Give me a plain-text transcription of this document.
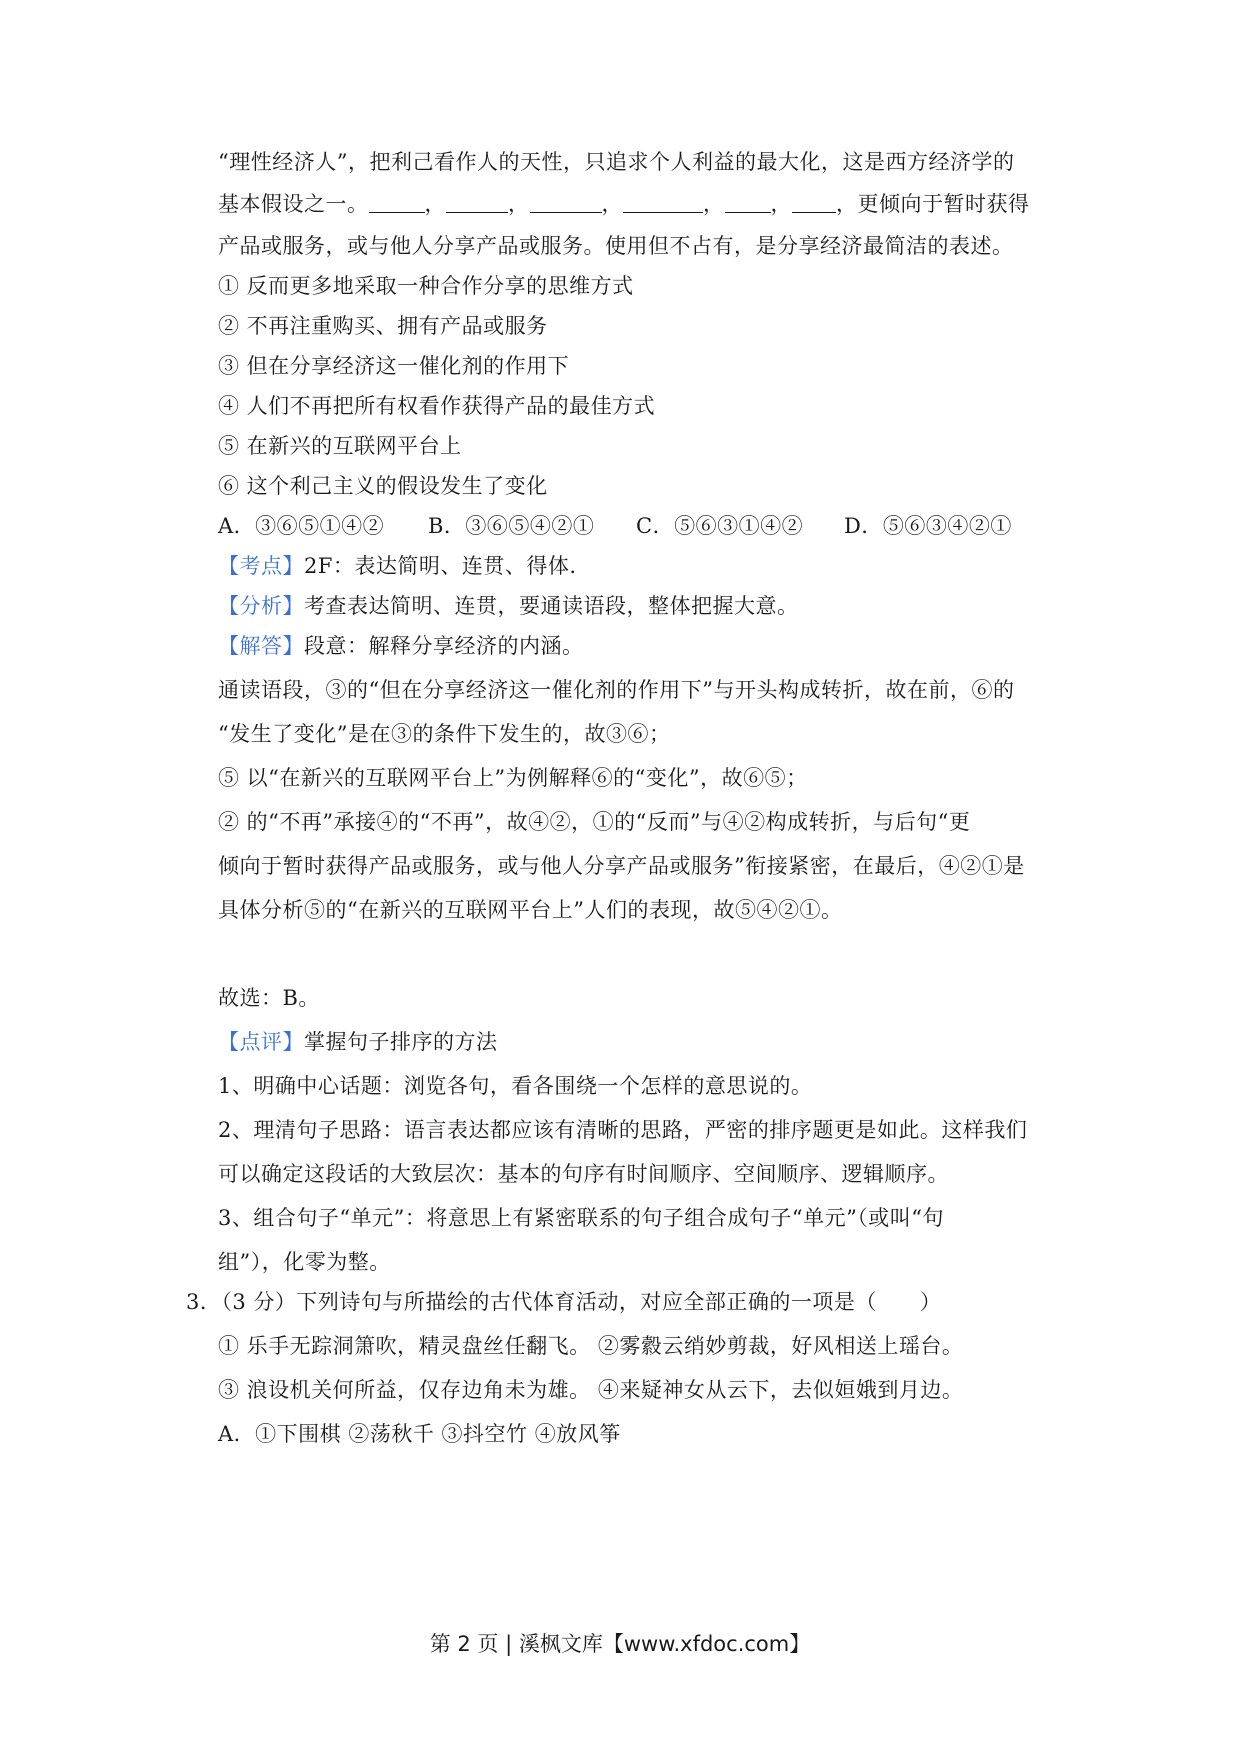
“理性经济人”，把利己看作人的天性，只追求个人利益的最大化，这是西方经济学的
基本假设之一。	，	，	，	， ， ，更倾向于暂时获得
产品或服务，或与他人分享产品或服务。使用但不占有，是分享经济最简洁的表述。
① 反而更多地采取一种合作分享的思维方式
② 不再注重购买、拥有产品或服务
③ 但在分享经济这一催化剂的作用下
④ 人们不再把所有权看作获得产品的最佳方式
⑤ 在新兴的互联网平台上
⑥ 这个利己主义的假设发生了变化
A．③⑥⑤①④② B．③⑥⑤④②① C．⑤⑥③①④② D．⑤⑥③④②①
【考点】2F：表达简明、连贯、得体.
【分析】考查表达简明、连贯，要通读语段，整体把握大意。
【解答】段意：解释分享经济的内涵。
通读语段，③的“但在分享经济这一催化剂的作用下”与开头构成转折，故在前，⑥的
“发生了变化”是在③的条件下发生的，故③⑥；
⑤ 以“在新兴的互联网平台上”为例解释⑥的“变化”，故⑥⑤；
② 的“不再”承接④的“不再”，故④②，①的“反而”与④②构成转折，与后句“更
倾向于暂时获得产品或服务，或与他人分享产品或服务”衔接紧密，在最后，④②①是
具体分析⑤的“在新兴的互联网平台上”人们的表现，故⑤④②①。
故选：B。
【点评】掌握句子排序的方法
1、明确中心话题：浏览各句，看各围绕一个怎样的意思说的。
2、理清句子思路：语言表达都应该有清晰的思路，严密的排序题更是如此。这样我们
可以确定这段话的大致层次：基本的句序有时间顺序、空间顺序、逻辑顺序。
3、组合句子“单元”：将意思上有紧密联系的句子组合成句子“单元”（或叫“句
组”），化零为整。
3．（3 分）下列诗句与所描绘的古代体育活动，对应全部正确的一项是（　　）
① 乐手无踪洞箫吹，精灵盘丝任翻飞。 ②雾縠云绡妙剪裁，好风相送上瑶台。
③ 浪设机关何所益，仅存边角未为雄。 ④来疑神女从云下，去似姮娥到月边。
A．①下围棋 ②荡秋千 ③抖空竹 ④放风筝
第 2 页 | 溪枫文库【www.xfdoc.com】
